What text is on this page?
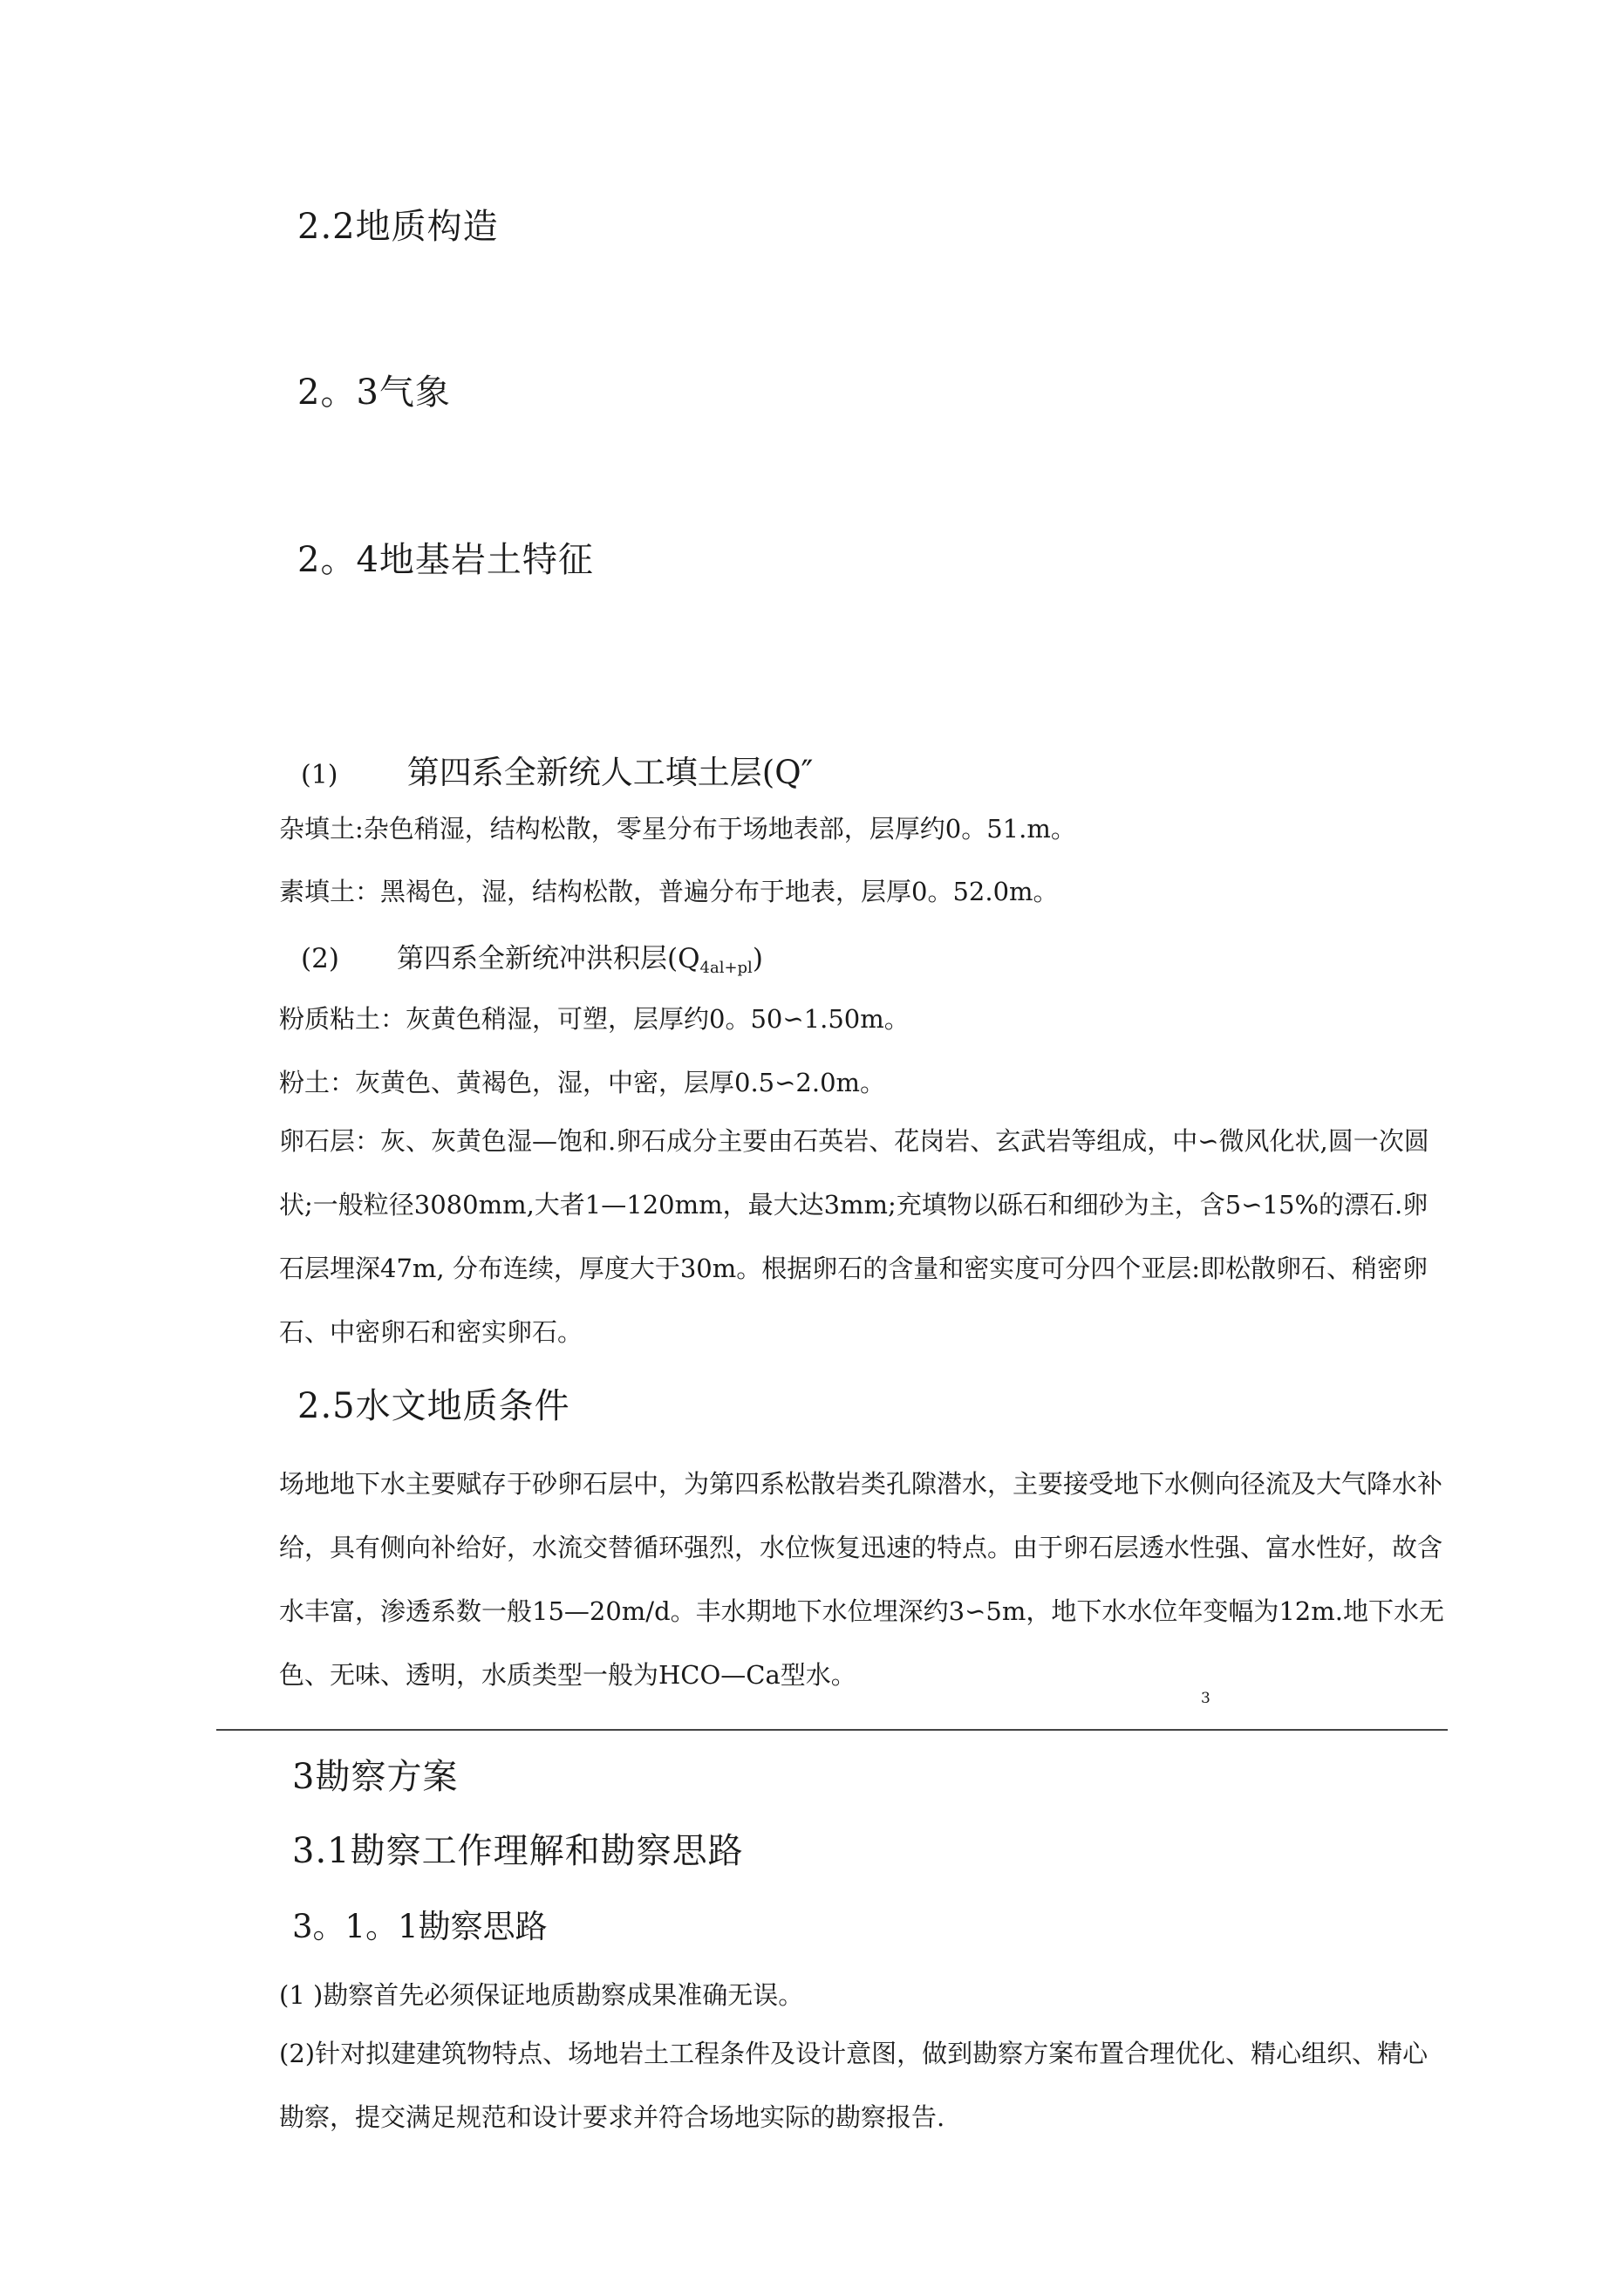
2.2地质构造
2。3气象
2。4地基岩土特征
(1) 第四系全新统人工填土层(Q″
杂填土:杂色稍湿，结构松散，零星分布于场地表部，层厚约0。51.m。
素填土：黑褐色，湿，结构松散，普遍分布于地表，层厚0。52.0m。
(2) 第四系全新统冲洪积层$(Q_{4al+pl})$
粉质粘土：灰黄色稍湿，可塑，层厚约0。50∽1.50m。
粉土：灰黄色、黄褐色，湿，中密，层厚0.5∽2.0m。
卵石层：灰、灰黄色湿—饱和.卵石成分主要由石英岩、花岗岩、玄武岩等组成，中∽微风化状,圆一次圆状;一般粒径3080mm,大者1—120mm，最大达3mm;充填物以砾石和细砂为主，含5∽15%的漂石.卵石层埋深47m, 分布连续，厚度大于30m。根据卵石的含量和密实度可分四个亚层:即松散卵石、稍密卵石、中密卵石和密实卵石。
2.5水文地质条件
场地地下水主要赋存于砂卵石层中，为第四系松散岩类孔隙潜水，主要接受地下水侧向径流及大气降水补给，具有侧向补给好，水流交替循环强烈，水位恢复迅速的特点。由于卵石层透水性强、富水性好，故含水丰富，渗透系数一般15—20m/d。丰水期地下水位埋深约3∽5m，地下水水位年变幅为12m.地下水无色、无味、透明，水质类型一般为HCO—Ca型水。
3
3勘察方案
3.1勘察工作理解和勘察思路
3。1。1勘察思路
(1 )勘察首先必须保证地质勘察成果准确无误。
(2)针对拟建建筑物特点、场地岩土工程条件及设计意图，做到勘察方案布置合理优化、精心组织、精心勘察，提交满足规范和设计要求并符合场地实际的勘察报告.
